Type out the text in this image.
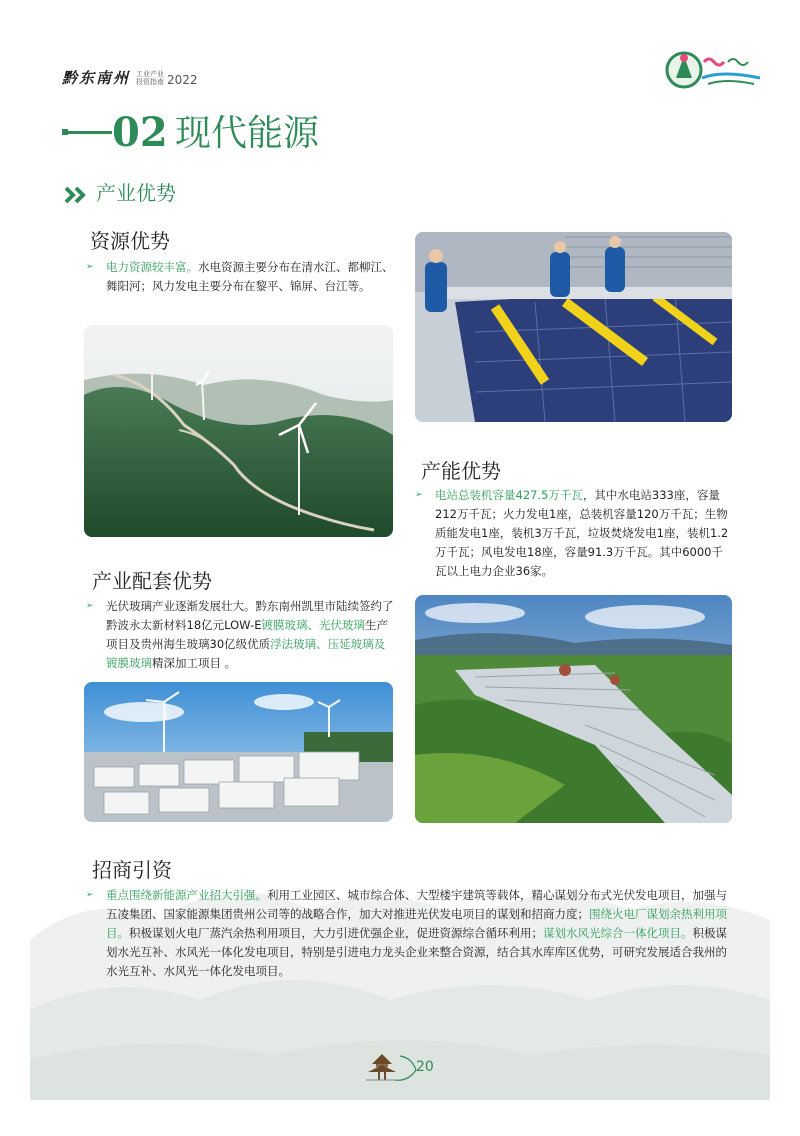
黔东南州 工业产业
投资指南 2022
02 现代能源
产业优势
资源优势
➢	电力资源较丰富。水电资源主要分布在清水江、都柳江、舞阳河；风力发电主要分布在黎平、锦屏、台江等。
产能优势
➢	电站总装机容量427.5万千瓦，其中水电站333座，容量212万千瓦；火力发电1座，总装机容量120万千瓦；生物质能发电1座，装机3万千瓦，垃圾焚烧发电1座，装机1.2万千瓦；风电发电18座，容量91.3万千瓦。其中6000千瓦以上电力企业36家。
产业配套优势
➢	光伏玻璃产业逐渐发展壮大。黔东南州凯里市陆续签约了黔波永太新材料18亿元LOW-E镀膜玻璃、光伏玻璃生产项目及贵州海生玻璃30亿级优质浮法玻璃、压延玻璃及镀膜玻璃精深加工项目 。
招商引资
➢	重点围绕新能源产业招大引强。利用工业园区、城市综合体、大型楼宇建筑等载体，精心谋划分布式光伏发电项目，加强与五凌集团、国家能源集团贵州公司等的战略合作，加大对推进光伏发电项目的谋划和招商力度；围绕火电厂谋划余热利用项目。积极谋划火电厂蒸汽余热利用项目，大力引进优强企业，促进资源综合循环利用；谋划水风光综合一体化项目。积极谋划水光互补、水风光一体化发电项目，特别是引进电力龙头企业来整合资源，结合其水库库区优势，可研究发展适合我州的水光互补、水风光一体化发电项目。
20
